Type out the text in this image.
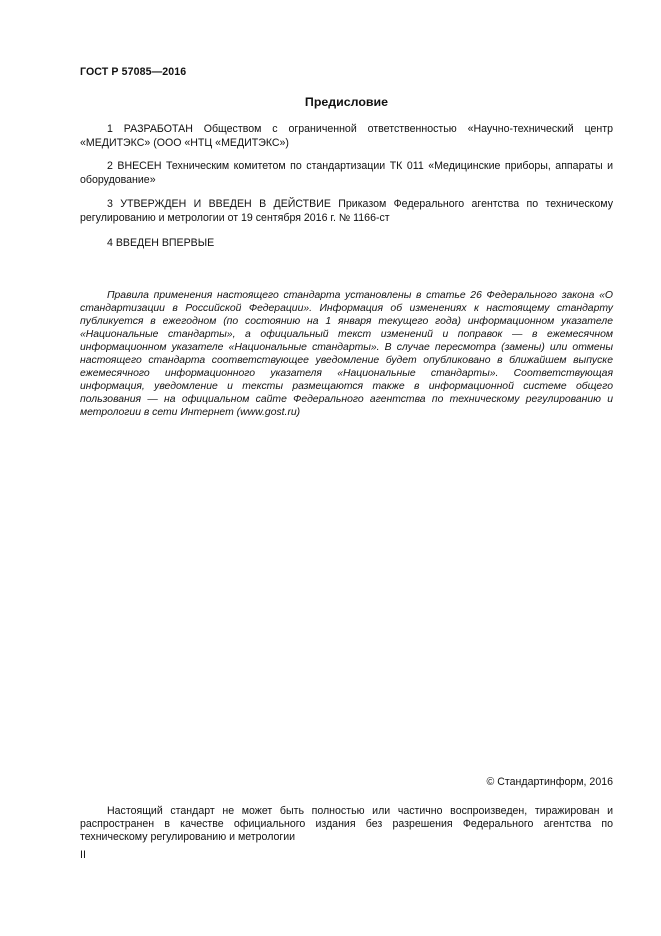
ГОСТ Р 57085—2016
Предисловие

1 РАЗРАБОТАН Обществом с ограниченной ответственностью «Научно-технический центр «МЕДИТЭКС» (ООО «НТЦ «МЕДИТЭКС»)

2 ВНЕСЕН Техническим комитетом по стандартизации ТК 011 «Медицинские приборы, аппараты и оборудование»

3 УТВЕРЖДЕН И ВВЕДЕН В ДЕЙСТВИЕ Приказом Федерального агентства по техническому регулированию и метрологии от 19 сентября 2016 г. № 1166-ст

4 ВВЕДЕН ВПЕРВЫЕ

Правила применения настоящего стандарта установлены в статье 26 Федерального закона «О стандартизации в Российской Федерации». Информация об изменениях к настоящему стандарту публикуется в ежегодном (по состоянию на 1 января текущего года) информационном указателе «Национальные стандарты», а официальный текст изменений и поправок — в ежемесячном информационном указателе «Национальные стандарты». В случае пересмотра (замены) или отмены настоящего стандарта соответствующее уведомление будет опубликовано в ближайшем выпуске ежемесячного информационного указателя «Национальные стандарты». Соответствующая информация, уведомление и тексты размещаются также в информационной системе общего пользования — на официальном сайте Федерального агентства по техническому регулированию и метрологии в сети Интернет (www.gost.ru)

© Стандартинформ, 2016

Настоящий стандарт не может быть полностью или частично воспроизведен, тиражирован и распространен в качестве официального издания без разрешения Федерального агентства по техническому регулированию и метрологии

II
